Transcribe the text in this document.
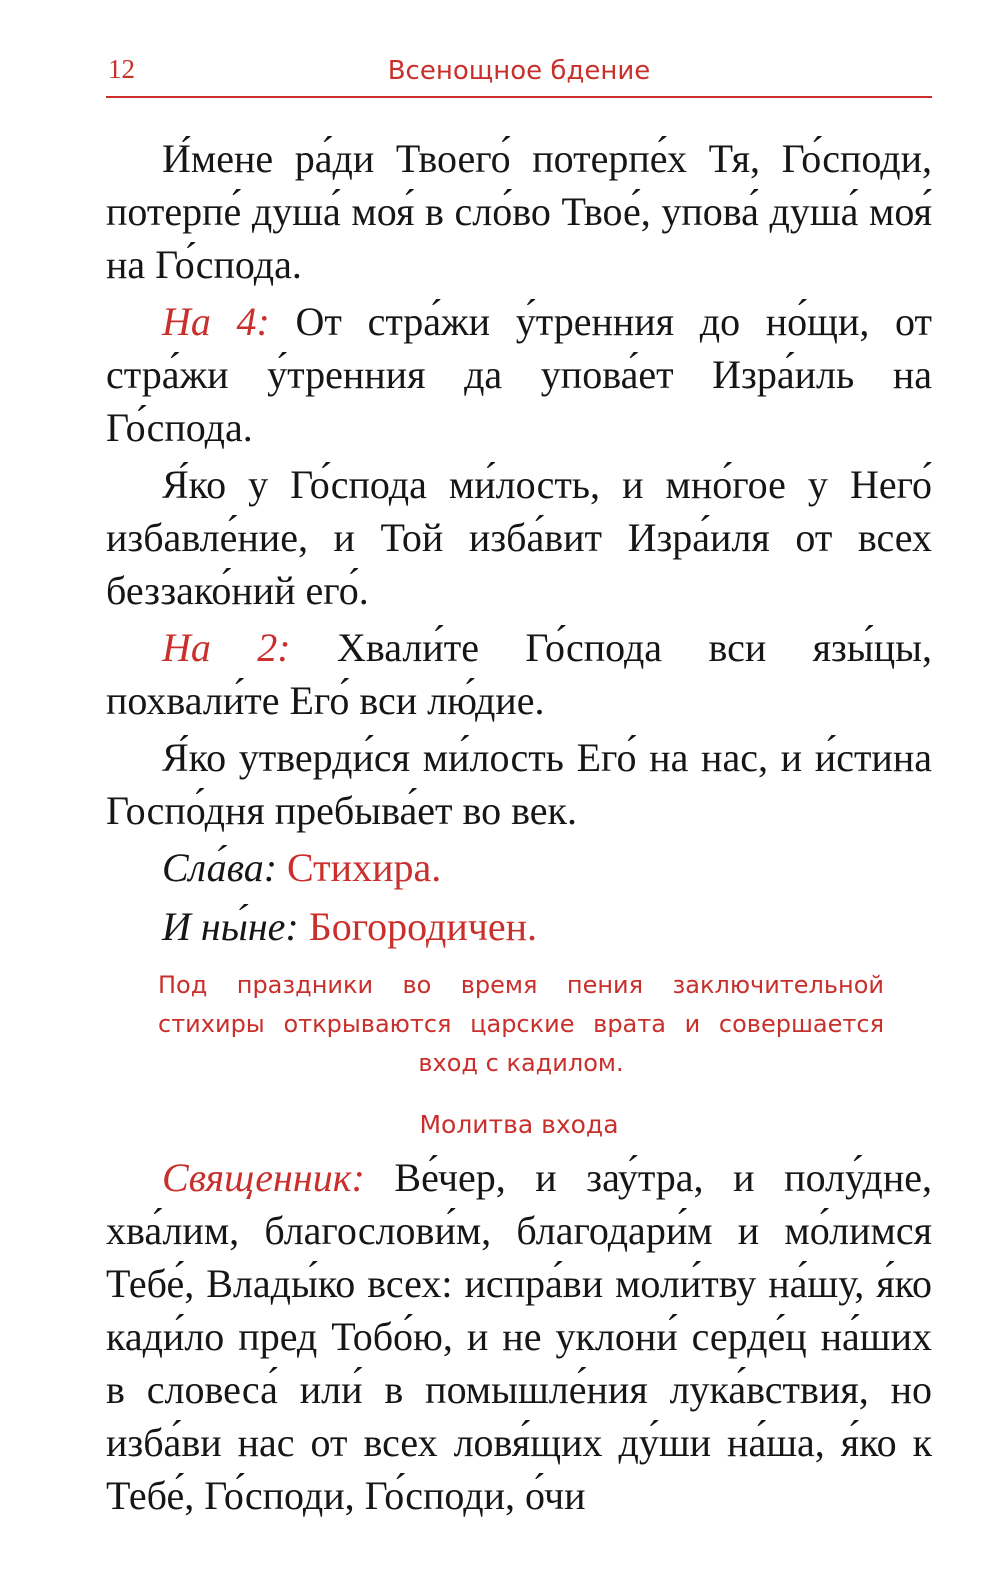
12	Всенощное бдение

И́мене ра́ди Твоего́ потерпе́х Тя, Го́споди, потерпе́ душа́ моя́ в сло́во Твое́, упова́ душа́ моя́ на Го́спода.

На 4: От стра́жи у́тренния до но́щи, от стра́жи у́тренния да упова́ет Изра́иль на Го́спода.

Я́ко у Го́спода ми́лость, и мно́гое у Него́ избавле́ние, и Той изба́вит Изра́иля от всех беззако́ний его́.

На 2: Хвали́те Го́спода вси язы́цы, похвали́те Его́ вси лю́дие.

Я́ко утверди́ся ми́лость Его́ на нас, и и́стина Госпо́дня пребыва́ет во век.

Сла́ва: Стихира.

И ны́не: Богородичен.

Под праздники во время пения заключительной стихиры открываются царские врата и совершается вход с кадилом.
Молитва входа

Священник: Ве́чер, и зау́тра, и полу́дне, хва́лим, благослови́м, благодари́м и мо́лимся Тебе́, Влады́ко всех: испра́ви моли́тву на́шу, я́ко кади́ло пред Тобо́ю, и не уклони́ серде́ц на́ших в словеса́ или́ в помышле́ния лука́вствия, но изба́ви нас от всех ловя́щих ду́ши на́ша, я́ко к Тебе́, Го́споди, Го́споди, о́чи
